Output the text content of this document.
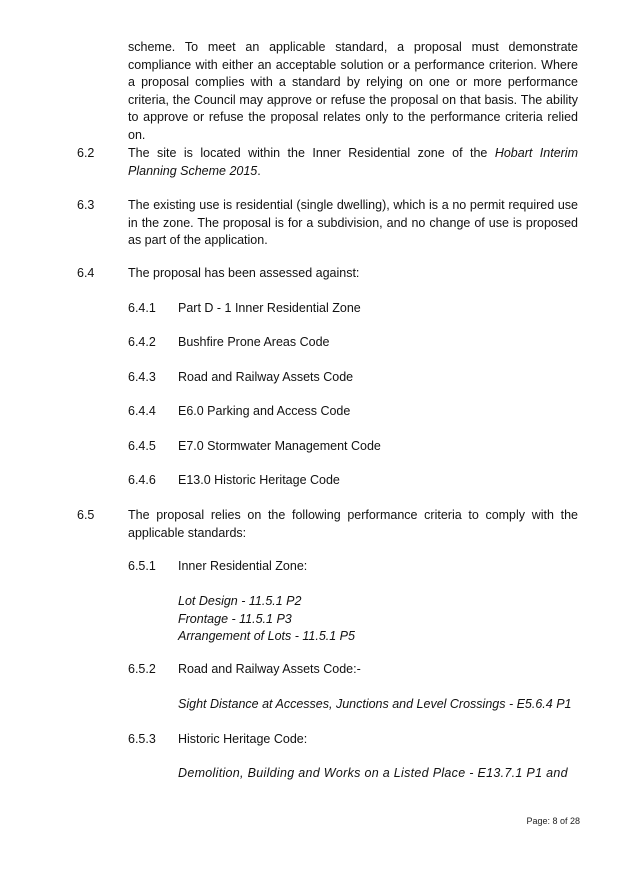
scheme. To meet an applicable standard, a proposal must demonstrate compliance with either an acceptable solution or a performance criterion. Where a proposal complies with a standard by relying on one or more performance criteria, the Council may approve or refuse the proposal on that basis. The ability to approve or refuse the proposal relates only to the performance criteria relied on.

6.2	The site is located within the Inner Residential zone of the Hobart Interim Planning Scheme 2015.

6.3	The existing use is residential (single dwelling), which is a no permit required use in the zone. The proposal is for a subdivision, and no change of use is proposed as part of the application.

6.4	The proposal has been assessed against:

6.4.1 Part D - 1 Inner Residential Zone
6.4.2 Bushfire Prone Areas Code
6.4.3 Road and Railway Assets Code
6.4.4 E6.0 Parking and Access Code
6.4.5 E7.0 Stormwater Management Code
6.4.6 E13.0 Historic Heritage Code
6.5	The proposal relies on the following performance criteria to comply with the applicable standards:

6.5.1 Inner Residential Zone:
Lot Design - 11.5.1 P2
Frontage - 11.5.1 P3
Arrangement of Lots - 11.5.1 P5
6.5.2 Road and Railway Assets Code:-
Sight Distance at Accesses, Junctions and Level Crossings - E5.6.4 P1
6.5.3 Historic Heritage Code:
Demolition, Building and Works on a Listed Place - E13.7.1 P1 and
Page: 8 of 28
